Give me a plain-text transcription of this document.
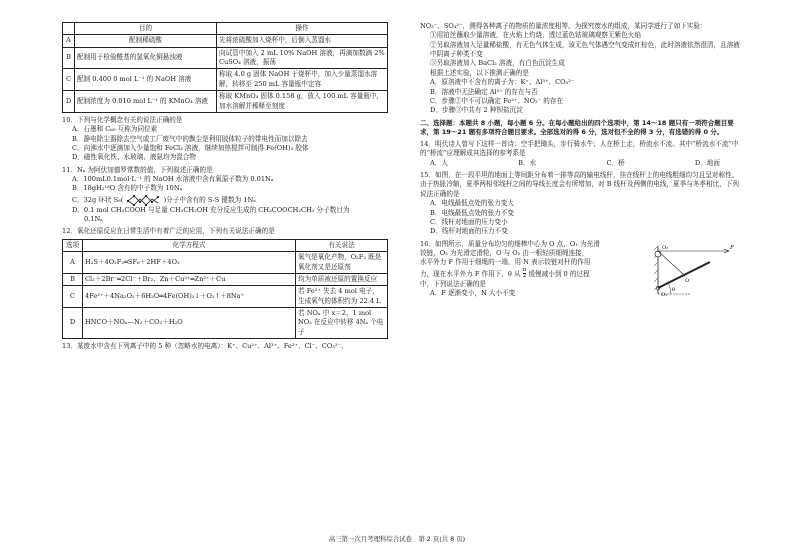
	目的	操作
A	配制稀硫酸	先将浓硫酸加入烧杯中，后倒入蒸馏水
B	配制用于检验醛基的氢氧化铜悬浊液	向试管中加入 2 mL 10% NaOH 溶液，再滴加数滴 2% CuSO₄ 溶液，振荡
C	配制 0.400 0 mol L⁻¹ 的 NaOH 溶液	称取 4.0 g 固体 NaOH 于烧杯中，加入少量蒸馏水溶解，转移至 250 mL 容量瓶中定容
D	配制浓度为 0.010 mol L⁻¹ 的 KMnO₄ 溶液	称取 KMnO₄ 固体 0.158 g，放入 100 mL 容量瓶中，加水溶解并稀释至刻度
10．下列与化学概念有关的说法正确的是
A．石墨和 C₆₀ 互称为同位素
B．静电除尘器除去空气或工厂废气中的飘尘是利用胶体粒子的带电性而加以除去
C．向沸水中逐滴加入少量饱和 FeCl₃ 溶液，继续加热搅拌可制得 Fe(OH)₃ 胶体
D．磁性氧化铁、水玻璃、液氨均为混合物
11．Nₐ 为阿伏加德罗常数的值，下列叙述正确的是
A．100mL0.1mol·L⁻¹ 的 NaOH 水溶液中含有氧原子数为 0.01Nₐ
B．18gH₂¹⁸O 含有的中子数为 10Nₐ
C．32g 环状 S₈(	)分子中含有的 S-S 键数为 1Nₐ
D．0.1 mol CH₃COOH 与足量 CH₃CH₂OH 充分反应生成的 CH₃COOCH₂CH₃ 分子数目为
0.1Nₐ
12．氧化还原反应在日常生活中有着广泛的应用，下列有关说法正确的是
选项	化学方程式	有关说法
A	H₂S＋4O₂F₂═SF₆＋2HF＋4O₂	氧气是氧化产物，O₂F₂ 既是氧化剂又是还原剂
B	Cl₂＋2Br⁻═2Cl⁻＋Br₂、Zn＋Cu²⁺═Zn²⁺＋Cu	均为单质被还原的置换反应
C	4Fe²⁺＋4Na₂O₂＋6H₂O═4Fe(OH)₃↓＋O₂↑＋8Na⁺	若 Fe²⁺ 失去 4 mol 电子，生成氧气的体积约为 22.4 L
D	HNCO＋NOₓ—N₂＋CO₂＋H₂O	若 NOₓ 中 x＝2，1 mol NO₂ 在反应中转移 4Nₐ 个电子
13．某废水中含有下列离子中的 5 种（忽略水的电离）：K⁺、Cu²⁺、Al³⁺、Fe²⁺、Cl⁻、CO₃²⁻、
NO₃⁻、SO₄²⁻，测得各种离子的物质的量浓度相等。为探究废水的组成，某同学进行了如下实验：
①用铂丝蘸取少量溶液，在火焰上灼烧，透过蓝色钴玻璃观察无紫色火焰
②另取溶液加入足量稀盐酸，有无色气体生成，该无色气体遇空气变成红棕色，此时溶液依然澄清，且溶液中阴离子种类不变
③另取溶液加入 BaCl₂ 溶液，有白色沉淀生成
根据上述实验，以下推测正确的是
A．原溶液中不含有的离子为：K⁺、Al³⁺、CO₃²⁻
B．溶液中无法确定 Al³⁺ 的存在与否
C．步骤②中不可以确定 Fe²⁺、NO₃⁻ 的存在
D．步骤③中共有 2 种钡盐沉淀
二、选择题：本题共 8 小题，每小题 6 分。在每小题给出的四个选项中，第 14～18 题只有一项符合题目要求，第 19～21 题有多项符合题目要求。全部选对的得 6 分，选对但不全的得 3 分，有选错的得 0 分。
14．明代诗人曾写下这样一首诗：空手把锄头，步行骑水牛；人在桥上走，桥流水不流。其中“桥流水不流”中的“桥流”应理解成其选择的参考系是
A．人	B．水	C．桥	D．地面
15．如图，在一段平坦的地面上等间距分布着一排等高的输电线杆，挂在线杆上的电线粗细均匀且呈对称性。由于热胀冷缩，夏季两相邻线杆之间的导线长度会有所增加，对 B 线杆及两侧的电线，夏季与冬季相比，下列说法正确的是
A．电线最低点处的张力变大
B．电线最低点处的张力不变
C．线杆对地面的压力变小
D．线杆对地面的压力不变
16．如图所示，质量分布均匀的细棒中心为 O 点，O₁ 为光滑
铰链，O₂ 为光滑定滑轮，O 与 O₂ 由一根轻质细绳连接，
水平外力 F 作用于细绳的一端，用 N 表示铰链对杆的作用
力，现在水平外力 F 作用下，θ 从 $\frac{\pi}{2}$ 缓慢减小到 0 的过程
中，下列说法正确的是
A．F 逐渐变小，N 大小不变	O₁
O
O₂
θ
F
高三第一次月考理科综合试卷　第 2 页(共 8 页)
